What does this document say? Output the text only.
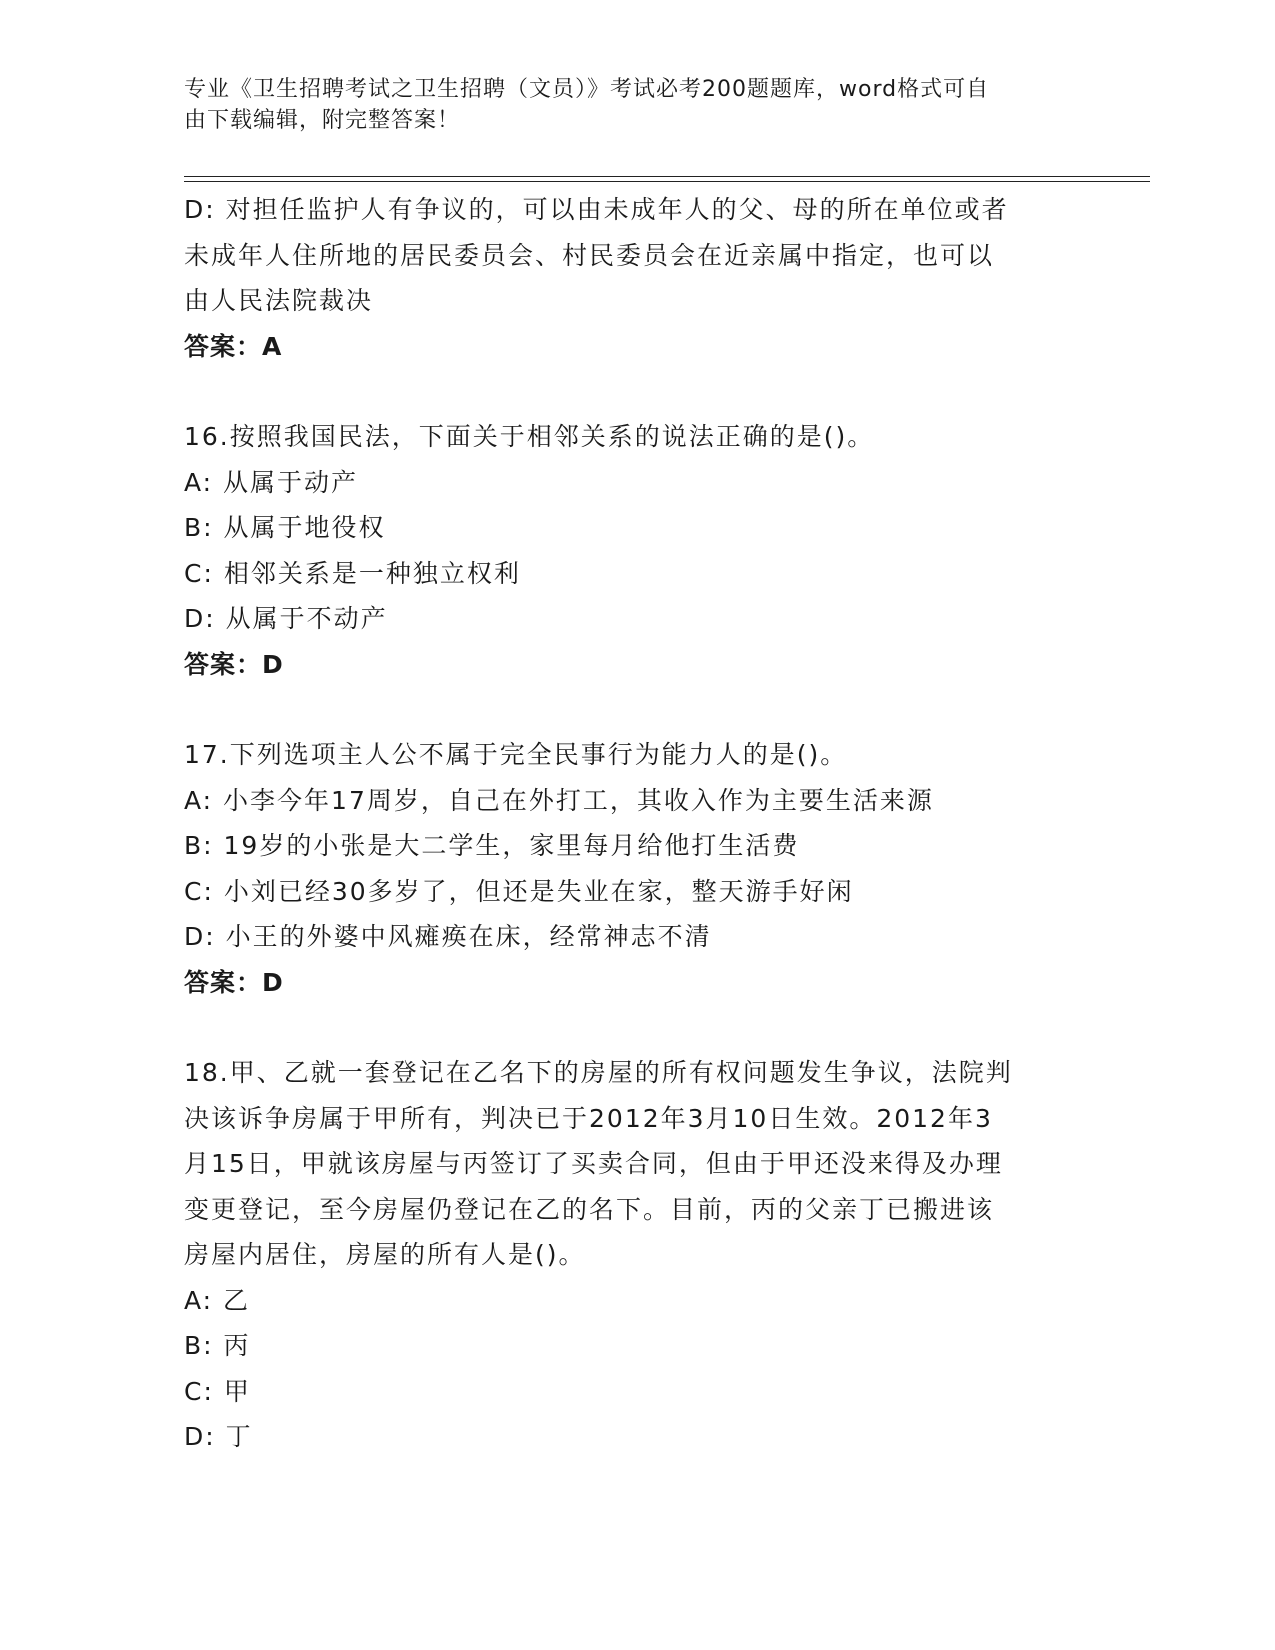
专业《卫生招聘考试之卫生招聘（文员）》考试必考200题题库，word格式可自
由下载编辑，附完整答案！
D: 对担任监护人有争议的，可以由未成年人的父、母的所在单位或者
未成年人住所地的居民委员会、村民委员会在近亲属中指定，也可以
由人民法院裁决
答案：A
16.按照我国民法，下面关于相邻关系的说法正确的是()。
A: 从属于动产
B: 从属于地役权
C: 相邻关系是一种独立权利
D: 从属于不动产
答案：D
17.下列选项主人公不属于完全民事行为能力人的是()。
A: 小李今年17周岁，自己在外打工，其收入作为主要生活来源
B: 19岁的小张是大二学生，家里每月给他打生活费
C: 小刘已经30多岁了，但还是失业在家，整天游手好闲
D: 小王的外婆中风瘫痪在床，经常神志不清
答案：D
18.甲、乙就一套登记在乙名下的房屋的所有权问题发生争议，法院判
决该诉争房属于甲所有，判决已于2012年3月10日生效。2012年3
月15日，甲就该房屋与丙签订了买卖合同，但由于甲还没来得及办理
变更登记，至今房屋仍登记在乙的名下。目前，丙的父亲丁已搬进该
房屋内居住，房屋的所有人是()。
A: 乙
B: 丙
C: 甲
D: 丁
